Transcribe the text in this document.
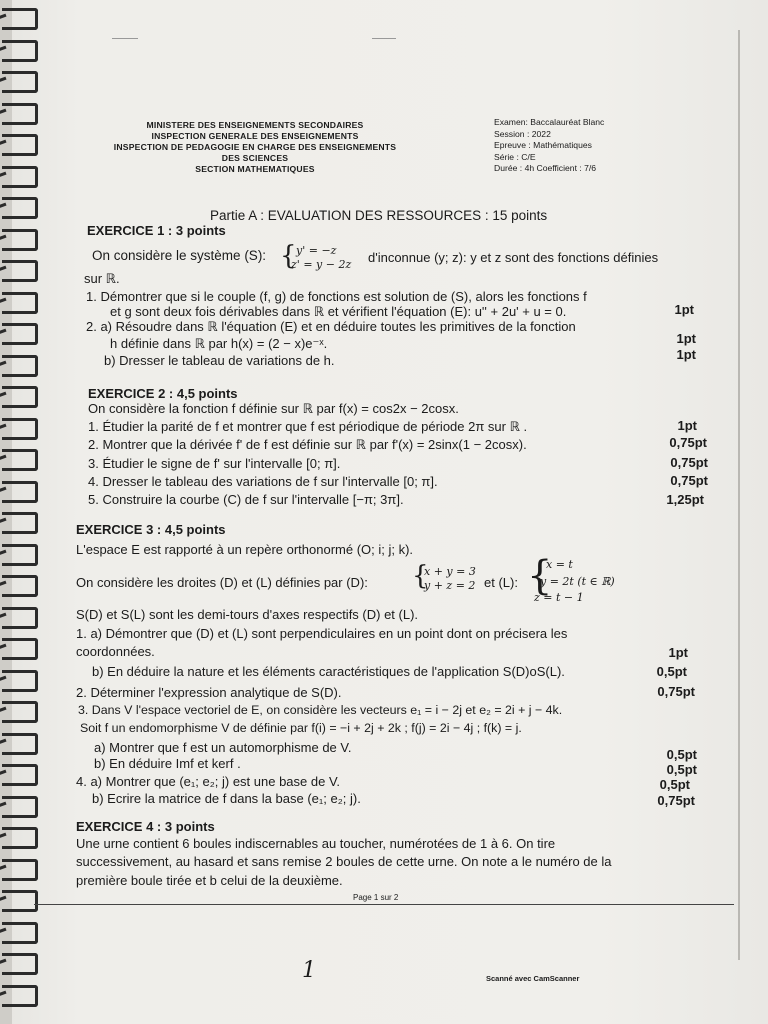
MINISTERE DES ENSEIGNEMENTS SECONDAIRES
INSPECTION GENERALE DES ENSEIGNEMENTS
INSPECTION DE PEDAGOGIE EN CHARGE DES ENSEIGNEMENTS
DES SCIENCES
SECTION MATHEMATIQUES
Examen: Baccalauréat Blanc
Session : 2022
Epreuve : Mathématiques
Série : C/E
Durée : 4h Coefficient : 7/6
Partie A : EVALUATION DES RESSOURCES : 15 points
EXERCICE 1 : 3 points
On considère le système (S): { y' = −z
z' = y − 2z d'inconnue (y; z): y et z sont des fonctions définies
sur ℝ.
1. Démontrer que si le couple (f, g) de fonctions est solution de (S), alors les fonctions f
et g sont deux fois dérivables dans ℝ et vérifient l'équation (E): u'' + 2u' + u = 0.
2. a) Résoudre dans ℝ l'équation (E) et en déduire toutes les primitives de la fonction
h définie dans ℝ par h(x) = (2 − x)e⁻ˣ.
b) Dresser le tableau de variations de h.
1pt
1pt
1pt
EXERCICE 2 : 4,5 points
On considère la fonction f définie sur ℝ par f(x) = cos2x − 2cosx.
1. Étudier la parité de f et montrer que f est périodique de période 2π sur ℝ .
2. Montrer que la dérivée f' de f est définie sur ℝ par f'(x) = 2sinx(1 − 2cosx).
3. Étudier le signe de f' sur l'intervalle [0; π].
4. Dresser le tableau des variations de f sur l'intervalle [0; π].
5. Construire la courbe (C) de f sur l'intervalle [−π; 3π].
1pt
0,75pt
0,75pt
0,75pt
1,25pt
EXERCICE 3 : 4,5 points
L'espace E est rapporté à un repère orthonormé (O; i; j; k).
On considère les droites (D) et (L) définies par (D): {
x + y = 3
y + z = 2 et (L): {
x = t
y = 2t (t ∈ ℝ)
z = t − 1
S(D) et S(L) sont les demi-tours d'axes respectifs (D) et (L).
1. a) Démontrer que (D) et (L) sont perpendiculaires en un point dont on précisera les
coordonnées.
b) En déduire la nature et les éléments caractéristiques de l'application S(D)oS(L).
2. Déterminer l'expression analytique de S(D).
3. Dans V l'espace vectoriel de E, on considère les vecteurs e₁ = i − 2j et e₂ = 2i + j − 4k.
Soit f un endomorphisme V de définie par f(i) = −i + 2j + 2k ; f(j) = 2i − 4j ; f(k) = j.
a) Montrer que f est un automorphisme de V.
b) En déduire Imf et kerf .
4. a) Montrer que (e₁; e₂; j) est une base de V.
b) Ecrire la matrice de f dans la base (e₁; e₂; j).
1pt
0,5pt
0,75pt
0,5pt
0,5pt
0,5pt
0,75pt
EXERCICE 4 : 3 points
Une urne contient 6 boules indiscernables au toucher, numérotées de 1 à 6. On tire
successivement, au hasard et sans remise 2 boules de cette urne. On note a le numéro de la
première boule tirée et b celui de la deuxième.
Page 1 sur 2
1	Scanné avec CamScanner
